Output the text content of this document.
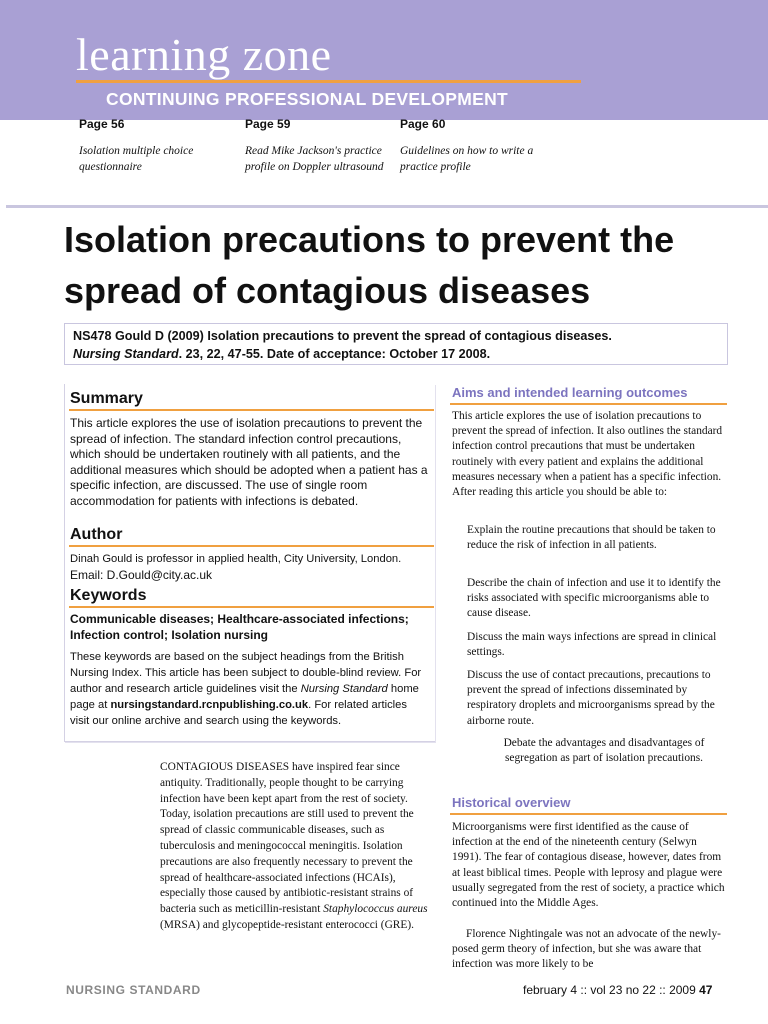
learning zone
CONTINUING PROFESSIONAL DEVELOPMENT
Page 56
Isolation multiple choice questionnaire
Page 59
Read Mike Jackson's practice profile on Doppler ultrasound
Page 60
Guidelines on how to write a practice profile
Isolation precautions to prevent the spread of contagious diseases
NS478 Gould D (2009) Isolation precautions to prevent the spread of contagious diseases.
Nursing Standard. 23, 22, 47-55. Date of acceptance: October 17 2008.
Summary
This article explores the use of isolation precautions to prevent the spread of infection. The standard infection control precautions, which should be undertaken routinely with all patients, and the additional measures which should be adopted when a patient has a specific infection, are discussed. The use of single room accommodation for patients with infections is debated.
Author
Dinah Gould is professor in applied health, City University, London.
Email: D.Gould@city.ac.uk
Keywords
Communicable diseases; Healthcare-associated infections; Infection control; Isolation nursing
These keywords are based on the subject headings from the British Nursing Index. This article has been subject to double-blind review. For author and research article guidelines visit the Nursing Standard home page at nursingstandard.rcnpublishing.co.uk. For related articles visit our online archive and search using the keywords.
CONTAGIOUS DISEASES have inspired fear since antiquity. Traditionally, people thought to be carrying infection have been kept apart from the rest of society. Today, isolation precautions are still used to prevent the spread of classic communicable diseases, such as tuberculosis and meningococcal meningitis. Isolation precautions are also frequently necessary to prevent the spread of healthcare-associated infections (HCAIs), especially those caused by antibiotic-resistant strains of bacteria such as meticillin-resistant Staphylococcus aureus (MRSA) and glycopeptide-resistant enterococci (GRE).
Aims and intended learning outcomes
This article explores the use of isolation precautions to prevent the spread of infection. It also outlines the standard infection control precautions that must be undertaken routinely with every patient and explains the additional measures necessary when a patient has a specific infection. After reading this article you should be able to:
Explain the routine precautions that should be taken to reduce the risk of infection in all patients.
Describe the chain of infection and use it to identify the risks associated with specific microorganisms able to cause disease.
Discuss the main ways infections are spread in clinical settings.
Discuss the use of contact precautions, precautions to prevent the spread of infections disseminated by respiratory droplets and microorganisms spread by the airborne route.
Debate the advantages and disadvantages of segregation as part of isolation precautions.
Historical overview
Microorganisms were first identified as the cause of infection at the end of the nineteenth century (Selwyn 1991). The fear of contagious disease, however, dates from at least biblical times. People with leprosy and plague were usually segregated from the rest of society, a practice which continued into the Middle Ages.
Florence Nightingale was not an advocate of the newly-posed germ theory of infection, but she was aware that infection was more likely to be
NURSING STANDARD	february 4 :: vol 23 no 22 :: 2009 47
